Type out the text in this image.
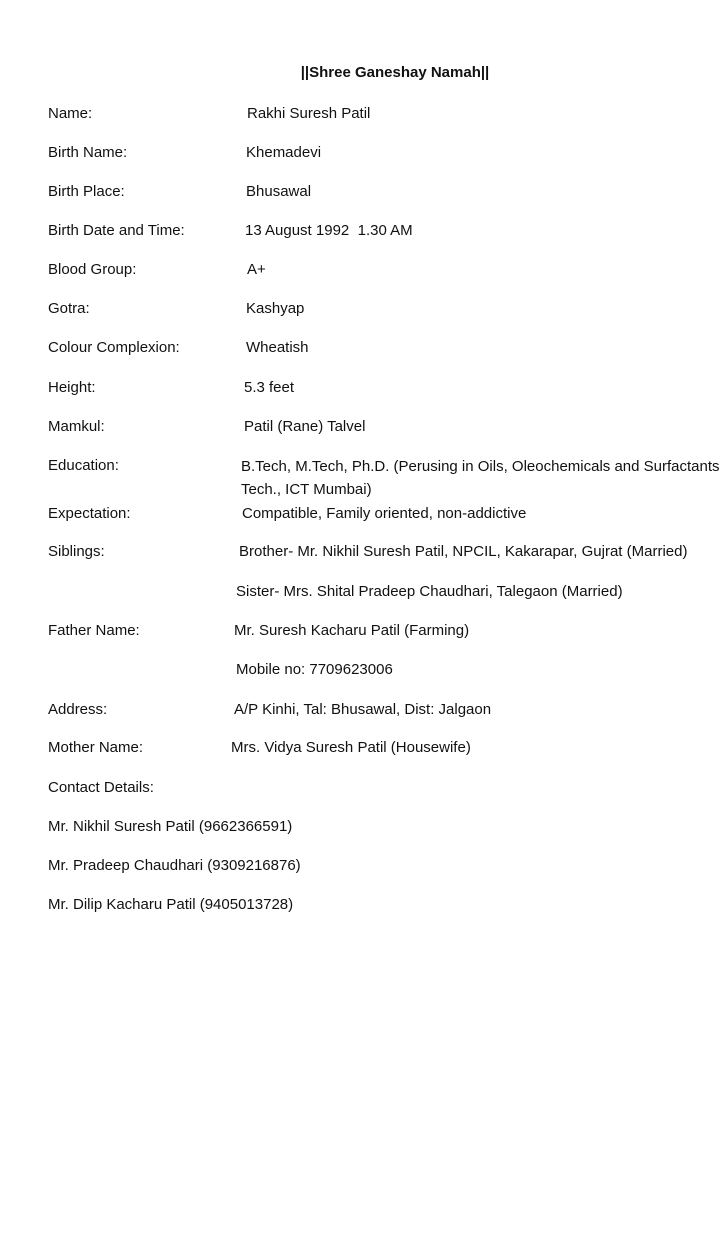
||Shree Ganeshay Namah||
Name:	Rakhi Suresh Patil
Birth Name:	Khemadevi
Birth Place:	Bhusawal
Birth Date and Time:	13 August 1992  1.30 AM
Blood Group:	A+
Gotra:	Kashyap
Colour Complexion:	Wheatish
Height:	5.3 feet
Mamkul:	Patil (Rane) Talvel
Education:	B.Tech, M.Tech, Ph.D. (Perusing in Oils, Oleochemicals and Surfactants Tech., ICT Mumbai)
Expectation:	Compatible, Family oriented, non-addictive
Siblings:	Brother- Mr. Nikhil Suresh Patil, NPCIL, Kakarapar, Gujrat (Married)
Sister- Mrs. Shital Pradeep Chaudhari, Talegaon (Married)
Father Name:	Mr. Suresh Kacharu Patil (Farming)
Mobile no: 7709623006
Address:	A/P Kinhi, Tal: Bhusawal, Dist: Jalgaon
Mother Name:	Mrs. Vidya Suresh Patil (Housewife)
Contact Details:
Mr. Nikhil Suresh Patil (9662366591)
Mr. Pradeep Chaudhari (9309216876)
Mr. Dilip Kacharu Patil (9405013728)
